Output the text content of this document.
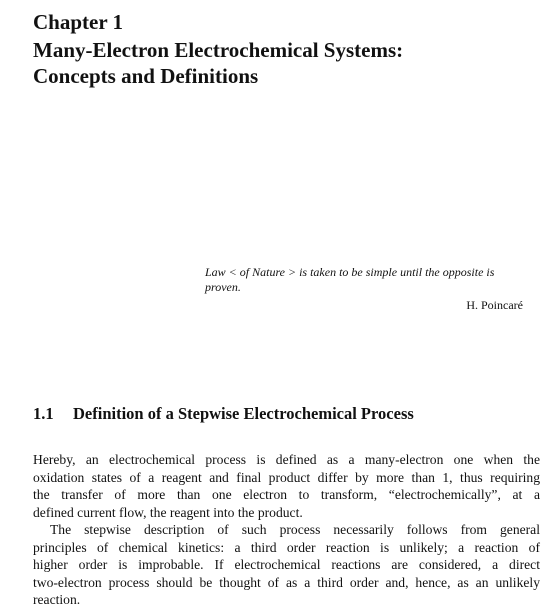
Chapter 1
Many-Electron Electrochemical Systems:
Concepts and Definitions
Law < of Nature > is taken to be simple until the opposite is
proven.
H. Poincaré
1.1 Definition of a Stepwise Electrochemical Process
Hereby, an electrochemical process is defined as a many-electron one when the
oxidation states of a reagent and final product differ by more than 1, thus requiring
the transfer of more than one electron to transform, “electrochemically”, at a
defined current flow, the reagent into the product.
The stepwise description of such process necessarily follows from general
principles of chemical kinetics: a third order reaction is unlikely; a reaction of
higher order is improbable. If electrochemical reactions are considered, a direct
two-electron process should be thought of as a third order and, hence, as an unlikely
reaction.
